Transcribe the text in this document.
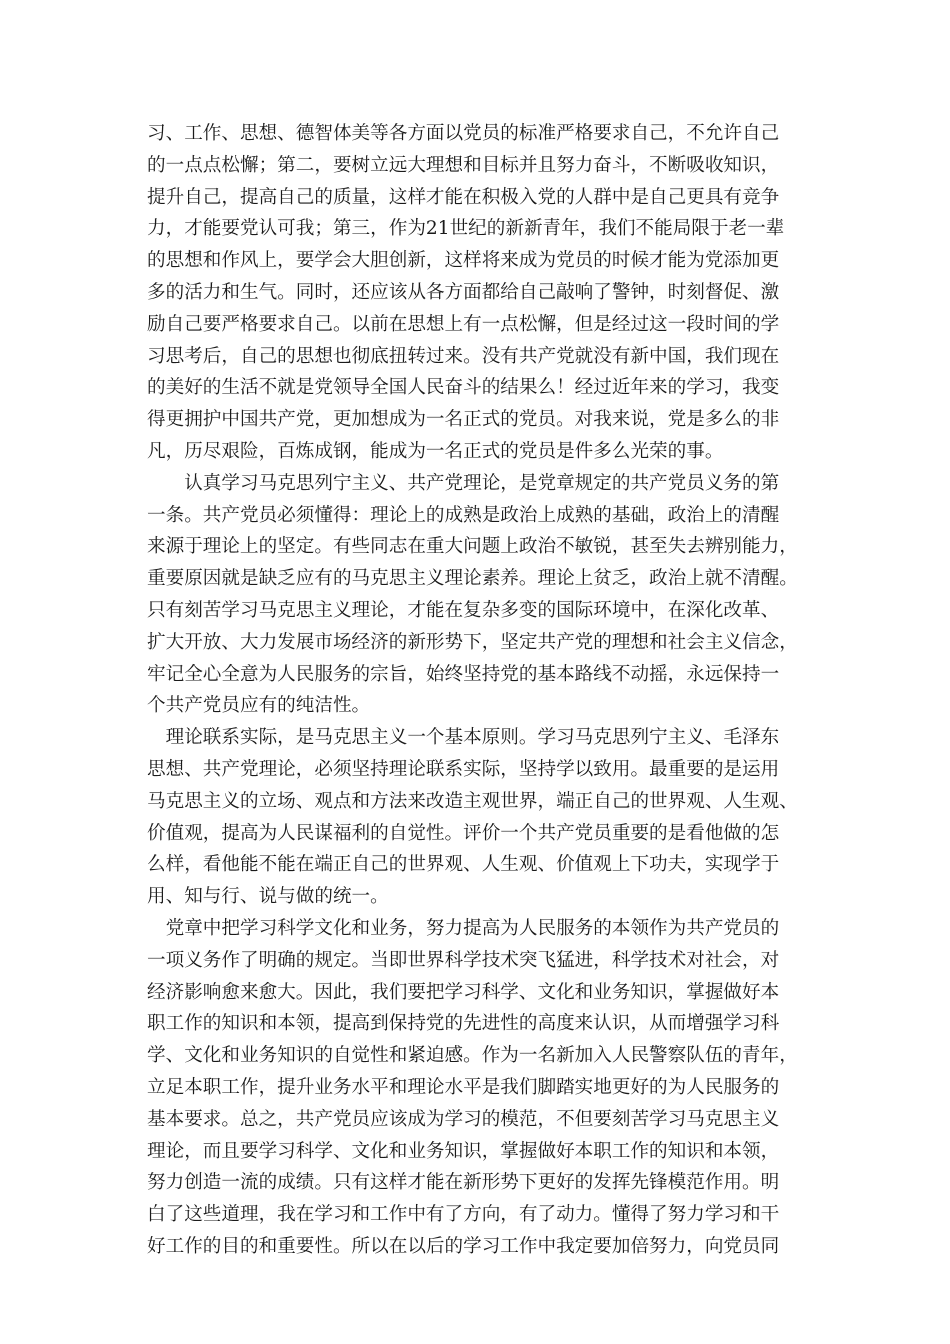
习、工作、思想、德智体美等各方面以党员的标准严格要求自己，不允许自己
的一点点松懈；第二，要树立远大理想和目标并且努力奋斗，不断吸收知识，
提升自己，提高自己的质量，这样才能在积极入党的人群中是自己更具有竞争
力，才能要党认可我；第三，作为21世纪的新新青年，我们不能局限于老一辈
的思想和作风上，要学会大胆创新，这样将来成为党员的时候才能为党添加更
多的活力和生气。同时，还应该从各方面都给自己敲响了警钟，时刻督促、激
励自己要严格要求自己。以前在思想上有一点松懈，但是经过这一段时间的学
习思考后，自己的思想也彻底扭转过来。没有共产党就没有新中国，我们现在
的美好的生活不就是党领导全国人民奋斗的结果么！经过近年来的学习，我变
得更拥护中国共产党，更加想成为一名正式的党员。对我来说，党是多么的非
凡，历尽艰险，百炼成钢，能成为一名正式的党员是件多么光荣的事。
　　认真学习马克思列宁主义、共产党理论，是党章规定的共产党员义务的第
一条。共产党员必须懂得：理论上的成熟是政治上成熟的基础，政治上的清醒
来源于理论上的坚定。有些同志在重大问题上政治不敏锐，甚至失去辨别能力，
重要原因就是缺乏应有的马克思主义理论素养。理论上贫乏，政治上就不清醒。
只有刻苦学习马克思主义理论，才能在复杂多变的国际环境中，在深化改革、
扩大开放、大力发展市场经济的新形势下，坚定共产党的理想和社会主义信念，
牢记全心全意为人民服务的宗旨，始终坚持党的基本路线不动摇，永远保持一
个共产党员应有的纯洁性。
　理论联系实际，是马克思主义一个基本原则。学习马克思列宁主义、毛泽东
思想、共产党理论，必须坚持理论联系实际，坚持学以致用。最重要的是运用
马克思主义的立场、观点和方法来改造主观世界，端正自己的世界观、人生观、
价值观，提高为人民谋福利的自觉性。评价一个共产党员重要的是看他做的怎
么样，看他能不能在端正自己的世界观、人生观、价值观上下功夫，实现学于
用、知与行、说与做的统一。
　党章中把学习科学文化和业务，努力提高为人民服务的本领作为共产党员的
一项义务作了明确的规定。当即世界科学技术突飞猛进，科学技术对社会，对
经济影响愈来愈大。因此，我们要把学习科学、文化和业务知识，掌握做好本
职工作的知识和本领，提高到保持党的先进性的高度来认识，从而增强学习科
学、文化和业务知识的自觉性和紧迫感。作为一名新加入人民警察队伍的青年，
立足本职工作，提升业务水平和理论水平是我们脚踏实地更好的为人民服务的
基本要求。总之，共产党员应该成为学习的模范，不但要刻苦学习马克思主义
理论，而且要学习科学、文化和业务知识，掌握做好本职工作的知识和本领，
努力创造一流的成绩。只有这样才能在新形势下更好的发挥先锋模范作用。明
白了这些道理，我在学习和工作中有了方向，有了动力。懂得了努力学习和干
好工作的目的和重要性。所以在以后的学习工作中我定要加倍努力，向党员同
